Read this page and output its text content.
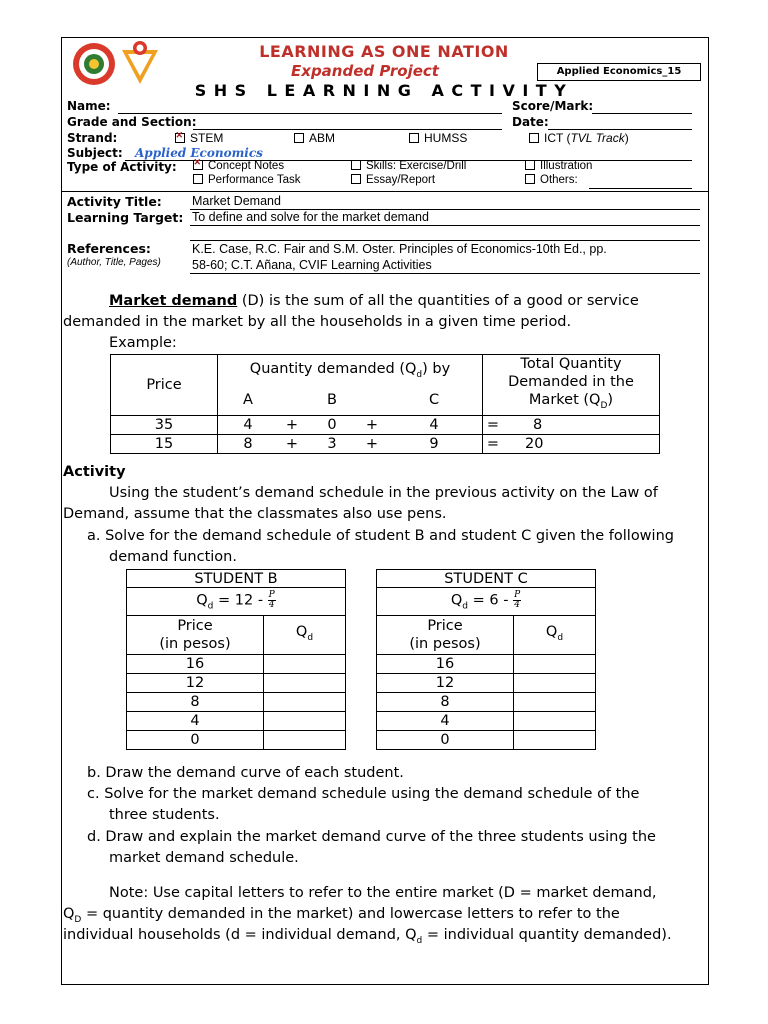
LEARNING AS ONE NATION
Expanded Project	Applied Economics_15
SHS LEARNING ACTIVITY
Name:	Score/Mark:
Grade and Section:	Date:
Strand: ✕	STEM	ABM	HUMSS	ICT (TVL Track)
Subject: Applied Economics
Type of Activity: ✕	Concept Notes	Skills: Exercise/Drill	Illustration
Performance Task	Essay/Report	Others:
Activity Title: Market Demand
Learning Target: To define and solve for the market demand
References:
(Author, Title, Pages)
K.E. Case, R.C. Fair and S.M. Oster. Principles of Economics-10th Ed., pp.
58-60; C.T. Añana, CVIF Learning Activities
Market demand (D) is the sum of all the quantities of a good or service
demanded in the market by all the households in a given time period.
Example:
Price	Quantity demanded $(Q_d)$ by					Total Quantity
Demanded in the
Market $(Q_D)$	
	A		B		C		
35	4	+	0	+	4	=	8
15	8	+	3	+	9	=	20
Activity
Using the student’s demand schedule in the previous activity on the Law of
Demand, assume that the classmates also use pens.
a. Solve for the demand schedule of student B and student C given the following
demand function.
STUDENT B	
$Q_d = 12 - \frac{P}{4}$

Price
(in pesos)	$Q_d$
16	
12	
8	
4	
0	
STUDENT C	
$Q_d = 6 - \frac{P}{4}$

Price
(in pesos)	$Q_d$
16	
12	
8	
4	
0	
b. Draw the demand curve of each student.
c. Solve for the market demand schedule using the demand schedule of the
three students.
d. Draw and explain the market demand curve of the three students using the
market demand schedule.
Note: Use capital letters to refer to the entire market (D = market demand,
$Q_D$ = quantity demanded in the market) and lowercase letters to refer to the
individual households (d = individual demand, $Q_d$ = individual quantity demanded).
